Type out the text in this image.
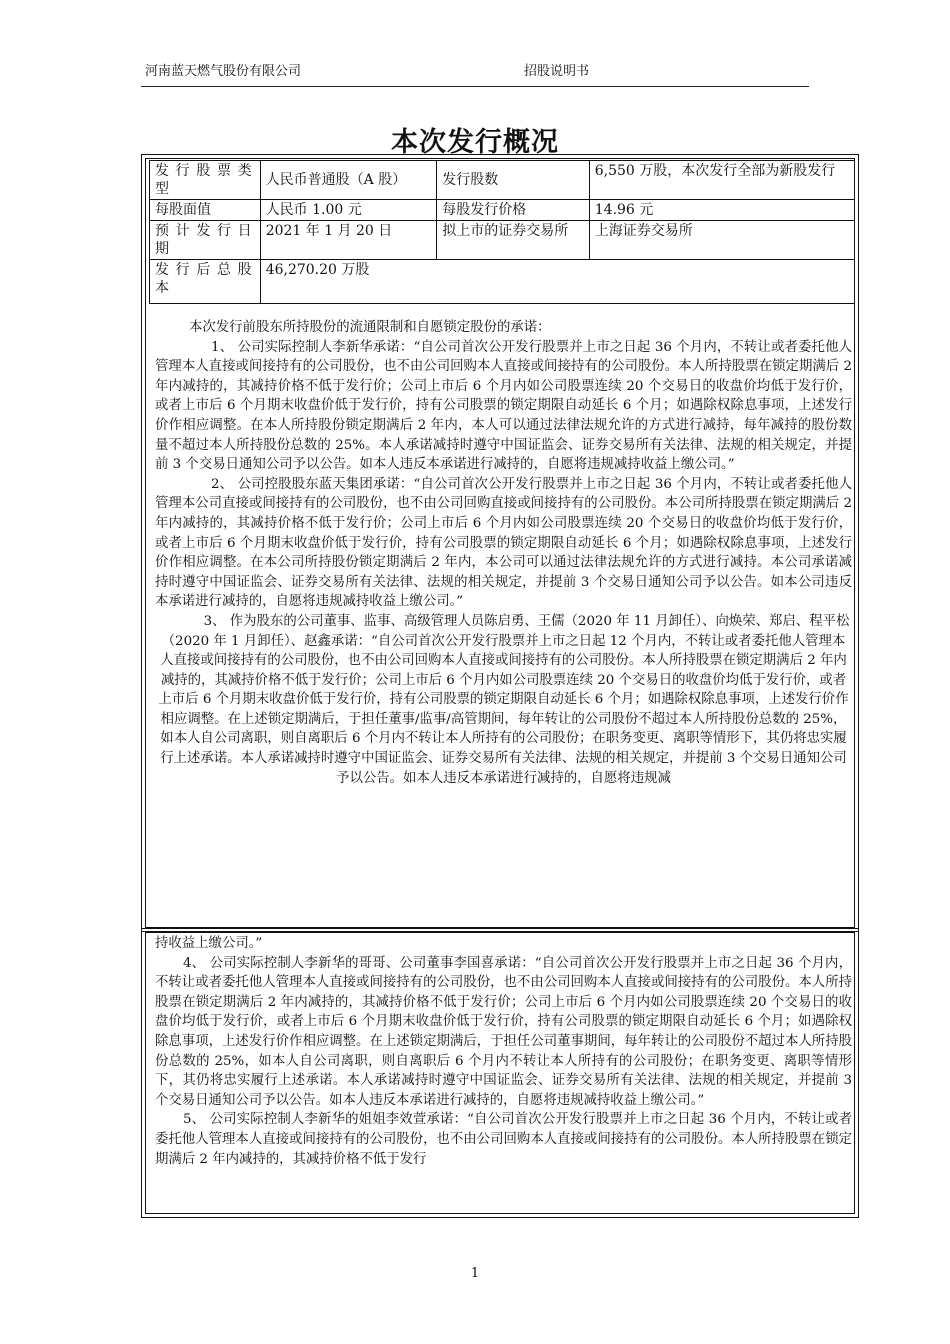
河南蓝天燃气股份有限公司	招股说明书
本次发行概况
发行股票类型	人民币普通股（A 股）	发行股数	6,550 万股，本次发行全部为新股发行
每股面值	人民币 1.00 元	每股发行价格	14.96 元
预计发行日期	2021 年 1 月 20 日	拟上市的证券交易所	上海证券交易所
发行后总股本	46,270.20 万股		

本次发行前股东所持股份的流通限制和自愿锁定股份的承诺：

1、 公司实际控制人李新华承诺：“自公司首次公开发行股票并上市之日起 36 个月内，不转让或者委托他人管理本人直接或间接持有的公司股份，也不由公司回购本人直接或间接持有的公司股份。本人所持股票在锁定期满后 2 年内减持的，其减持价格不低于发行价；公司上市后 6 个月内如公司股票连续 20 个交易日的收盘价均低于发行价，或者上市后 6 个月期末收盘价低于发行价，持有公司股票的锁定期限自动延长 6 个月；如遇除权除息事项，上述发行价作相应调整。在本人所持股份锁定期满后 2 年内，本人可以通过法律法规允许的方式进行减持，每年减持的股份数量不超过本人所持股份总数的 25%。本人承诺减持时遵守中国证监会、证券交易所有关法律、法规的相关规定，并提前 3 个交易日通知公司予以公告。如本人违反本承诺进行减持的，自愿将违规减持收益上缴公司。”

2、 公司控股股东蓝天集团承诺：“自公司首次公开发行股票并上市之日起 36 个月内，不转让或者委托他人管理本公司直接或间接持有的公司股份，也不由公司回购直接或间接持有的公司股份。本公司所持股票在锁定期满后 2 年内减持的，其减持价格不低于发行价；公司上市后 6 个月内如公司股票连续 20 个交易日的收盘价均低于发行价，或者上市后 6 个月期末收盘价低于发行价，持有公司股票的锁定期限自动延长 6 个月；如遇除权除息事项，上述发行价作相应调整。在本公司所持股份锁定期满后 2 年内，本公司可以通过法律法规允许的方式进行减持。本公司承诺减持时遵守中国证监会、证券交易所有关法律、法规的相关规定，并提前 3 个交易日通知公司予以公告。如本公司违反本承诺进行减持的，自愿将违规减持收益上缴公司。”

3、 作为股东的公司董事、监事、高级管理人员陈启勇、王儒（2020 年 11 月卸任）、向焕荣、郑启、程平松（2020 年 1 月卸任）、赵鑫承诺：“自公司首次公开发行股票并上市之日起 12 个月内，不转让或者委托他人管理本人直接或间接持有的公司股份，也不由公司回购本人直接或间接持有的公司股份。本人所持股票在锁定期满后 2 年内减持的，其减持价格不低于发行价；公司上市后 6 个月内如公司股票连续 20 个交易日的收盘价均低于发行价，或者上市后 6 个月期末收盘价低于发行价，持有公司股票的锁定期限自动延长 6 个月；如遇除权除息事项，上述发行价作相应调整。在上述锁定期满后，于担任董事/监事/高管期间，每年转让的公司股份不超过本人所持股份总数的 25%，如本人自公司离职，则自离职后 6 个月内不转让本人所持有的公司股份；在职务变更、离职等情形下，其仍将忠实履行上述承诺。本人承诺减持时遵守中国证监会、证券交易所有关法律、法规的相关规定，并提前 3 个交易日通知公司予以公告。如本人违反本承诺进行减持的，自愿将违规减

持收益上缴公司。”

4、 公司实际控制人李新华的哥哥、公司董事李国喜承诺：“自公司首次公开发行股票并上市之日起 36 个月内，不转让或者委托他人管理本人直接或间接持有的公司股份，也不由公司回购本人直接或间接持有的公司股份。本人所持股票在锁定期满后 2 年内减持的，其减持价格不低于发行价；公司上市后 6 个月内如公司股票连续 20 个交易日的收盘价均低于发行价，或者上市后 6 个月期末收盘价低于发行价，持有公司股票的锁定期限自动延长 6 个月；如遇除权除息事项，上述发行价作相应调整。在上述锁定期满后，于担任公司董事期间，每年转让的公司股份不超过本人所持股份总数的 25%，如本人自公司离职，则自离职后 6 个月内不转让本人所持有的公司股份；在职务变更、离职等情形下，其仍将忠实履行上述承诺。本人承诺减持时遵守中国证监会、证券交易所有关法律、法规的相关规定，并提前 3 个交易日通知公司予以公告。如本人违反本承诺进行减持的，自愿将违规减持收益上缴公司。”

5、 公司实际控制人李新华的姐姐李效萱承诺：“自公司首次公开发行股票并上市之日起 36 个月内，不转让或者委托他人管理本人直接或间接持有的公司股份，也不由公司回购本人直接或间接持有的公司股份。本人所持股票在锁定期满后 2 年内减持的，其减持价格不低于发行

1
